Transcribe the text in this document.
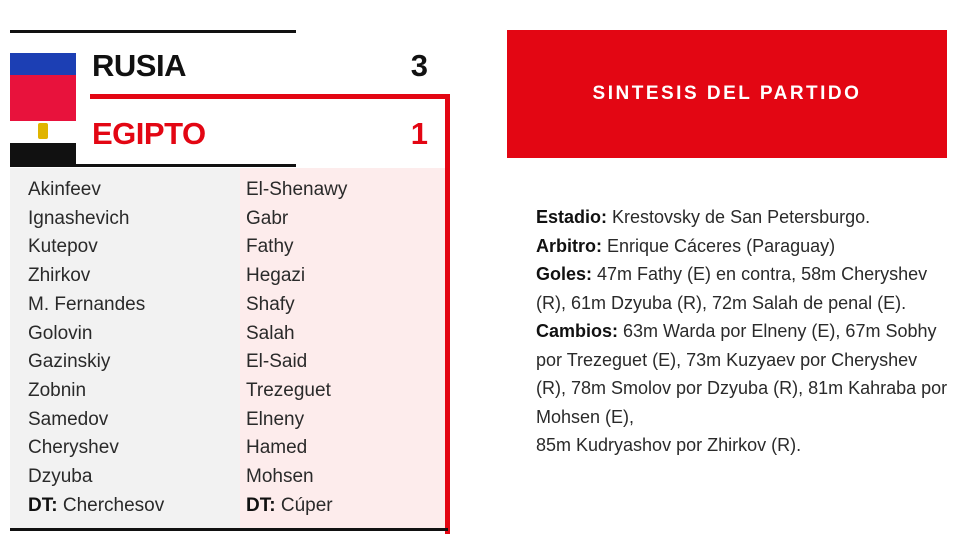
RUSIA	3
EGIPTO	1
Akinfeev
Ignashevich
Kutepov
Zhirkov
M. Fernandes
Golovin
Gazinskiy
Zobnin
Samedov
Cheryshev
Dzyuba
DT: Cherchesov
El-Shenawy
Gabr
Fathy
Hegazi
Shafy
Salah
El-Said
Trezeguet
Elneny
Hamed
Mohsen
DT: Cúper
SINTESIS DEL PARTIDO

Estadio: Krestovsky de San Petersburgo.

Arbitro: Enrique Cáceres (Paraguay)

Goles: 47m Fathy (E) en contra, 58m Cheryshev (R), 61m Dzyuba (R), 72m Salah de penal (E).

Cambios: 63m Warda por Elneny (E), 67m Sobhy por Trezeguet (E), 73m Kuzyaev por Cheryshev (R), 78m Smolov por Dzyuba (R), 81m Kahraba por Mohsen (E),

85m Kudryashov por Zhirkov (R).
